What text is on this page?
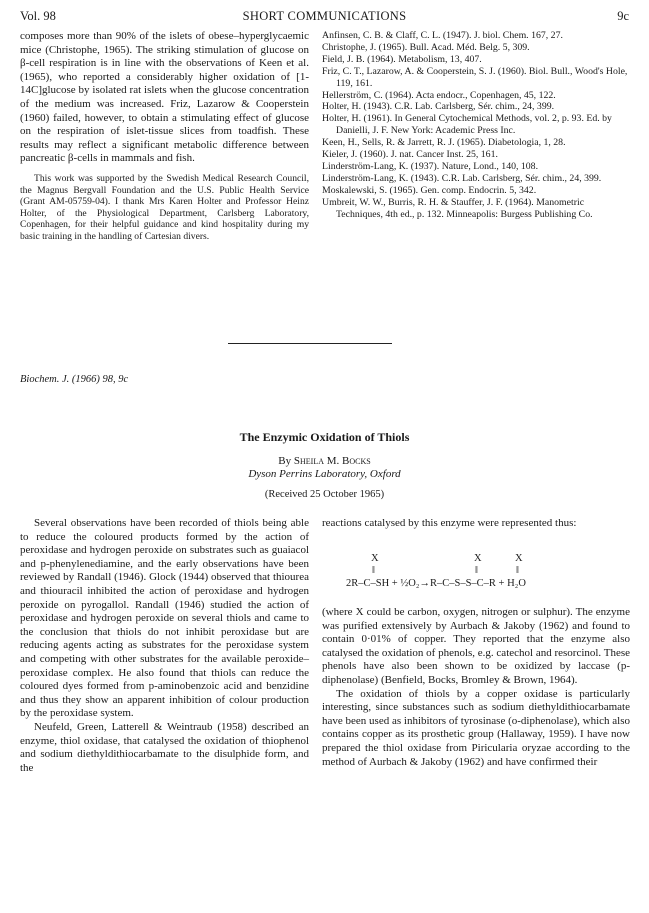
Vol. 98	SHORT COMMUNICATIONS	9c

composes more than 90% of the islets of obese–hyperglycaemic mice (Christophe, 1965). The striking stimulation of glucose on β-cell respiration is in line with the observations of Keen et al. (1965), who reported a considerably higher oxidation of [1-14C]glucose by isolated rat islets when the glucose concentration of the medium was increased. Friz, Lazarow & Cooperstein (1960) failed, however, to obtain a stimulating effect of glucose on the respiration of islet-tissue slices from toadfish. These results may reflect a significant metabolic difference between pancreatic β-cells in mammals and fish.

This work was supported by the Swedish Medical Research Council, the Magnus Bergvall Foundation and the U.S. Public Health Service (Grant AM-05759-04). I thank Mrs Karen Holter and Professor Heinz Holter, of the Physiological Department, Carlsberg Laboratory, Copenhagen, for their helpful guidance and kind hospitality during my basic training in the handling of Cartesian divers.

Anfinsen, C. B. & Claff, C. L. (1947). J. biol. Chem. 167, 27.

Christophe, J. (1965). Bull. Acad. Méd. Belg. 5, 309.

Field, J. B. (1964). Metabolism, 13, 407.

Friz, C. T., Lazarow, A. & Cooperstein, S. J. (1960). Biol. Bull., Wood's Hole, 119, 161.

Hellerström, C. (1964). Acta endocr., Copenhagen, 45, 122.

Holter, H. (1943). C.R. Lab. Carlsberg, Sér. chim., 24, 399.

Holter, H. (1961). In General Cytochemical Methods, vol. 2, p. 93. Ed. by Danielli, J. F. New York: Academic Press Inc.

Keen, H., Sells, R. & Jarrett, R. J. (1965). Diabetologia, 1, 28.

Kieler, J. (1960). J. nat. Cancer Inst. 25, 161.

Linderström-Lang, K. (1937). Nature, Lond., 140, 108.

Linderström-Lang, K. (1943). C.R. Lab. Carlsberg, Sér. chim., 24, 399.

Moskalewski, S. (1965). Gen. comp. Endocrin. 5, 342.

Umbreit, W. W., Burris, R. H. & Stauffer, J. F. (1964). Manometric Techniques, 4th ed., p. 132. Minneapolis: Burgess Publishing Co.

Biochem. J. (1966) 98, 9c
The Enzymic Oxidation of Thiols
By Sheila M. Bocks
Dyson Perrins Laboratory, Oxford
(Received 25 October 1965)

Several observations have been recorded of thiols being able to reduce the coloured products formed by the action of peroxidase and hydrogen peroxide on substrates such as guaiacol and p-phenylenediamine, and the early observations have been reviewed by Randall (1946). Glock (1944) observed that thiourea and thiouracil inhibited the action of peroxidase and hydrogen peroxide on pyrogallol. Randall (1946) studied the action of peroxidase and hydrogen peroxide on several thiols and came to the conclusion that thiols do not inhibit peroxidase but are reducing agents acting as substrates for the peroxidase system and competing with other substrates for the available peroxide–peroxidase complex. He also found that thiols can reduce the coloured dyes formed from p-aminobenzoic acid and benzidine and thus they show an apparent inhibition of colour production by the peroxidase system.

Neufeld, Green, Latterell & Weintraub (1958) described an enzyme, thiol oxidase, that catalysed the oxidation of thiophenol and sodium diethyldithiocarbamate to the disulphide form, and the

reactions catalysed by this enzyme were represented thus:

X	X	X
‖	‖	‖
2R–C–SH + ½O₂→R–C–S–S–C–R + H₂O

(where X could be carbon, oxygen, nitrogen or sulphur). The enzyme was purified extensively by Aurbach & Jakoby (1962) and found to contain 0·01% of copper. They reported that the enzyme also catalysed the oxidation of phenols, e.g. catechol and resorcinol. These phenols have also been shown to be oxidized by laccase (p-diphenolase) (Benfield, Bocks, Bromley & Brown, 1964).

The oxidation of thiols by a copper oxidase is particularly interesting, since substances such as sodium diethyldithiocarbamate have been used as inhibitors of tyrosinase (o-diphenolase), which also contains copper as its prosthetic group (Hallaway, 1959). I have now prepared the thiol oxidase from Piricularia oryzae according to the method of Aurbach & Jakoby (1962) and have confirmed their
